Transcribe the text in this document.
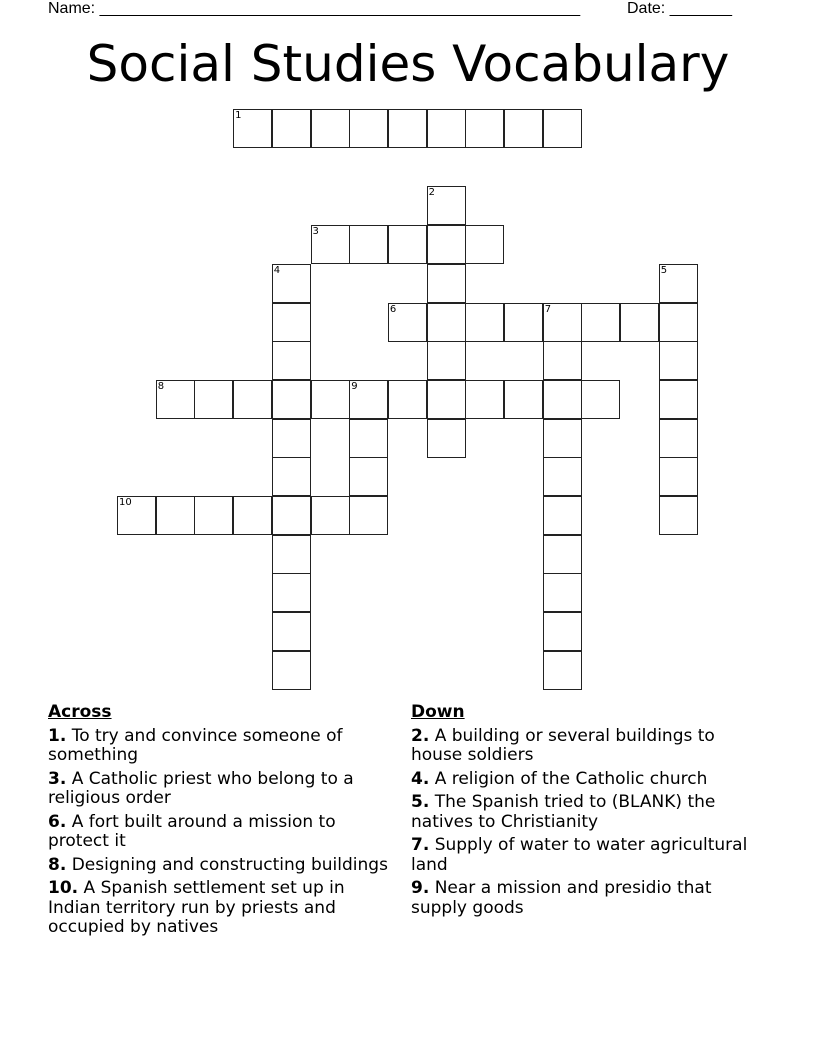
Name: ______________________________________________________	Date: _______
Social Studies Vocabulary
1
2
3
4	5
6	7
8	9
10
Across
1. To try and convince someone of something
3. A Catholic priest who belong to a religious order
6. A fort built around a mission to protect it
8. Designing and constructing buildings
10. A Spanish settlement set up in Indian territory run by priests and occupied by natives
Down
2. A building or several buildings to house soldiers
4. A religion of the Catholic church
5. The Spanish tried to (BLANK) the natives to Christianity
7. Supply of water to water agricultural land
9. Near a mission and presidio that supply goods
